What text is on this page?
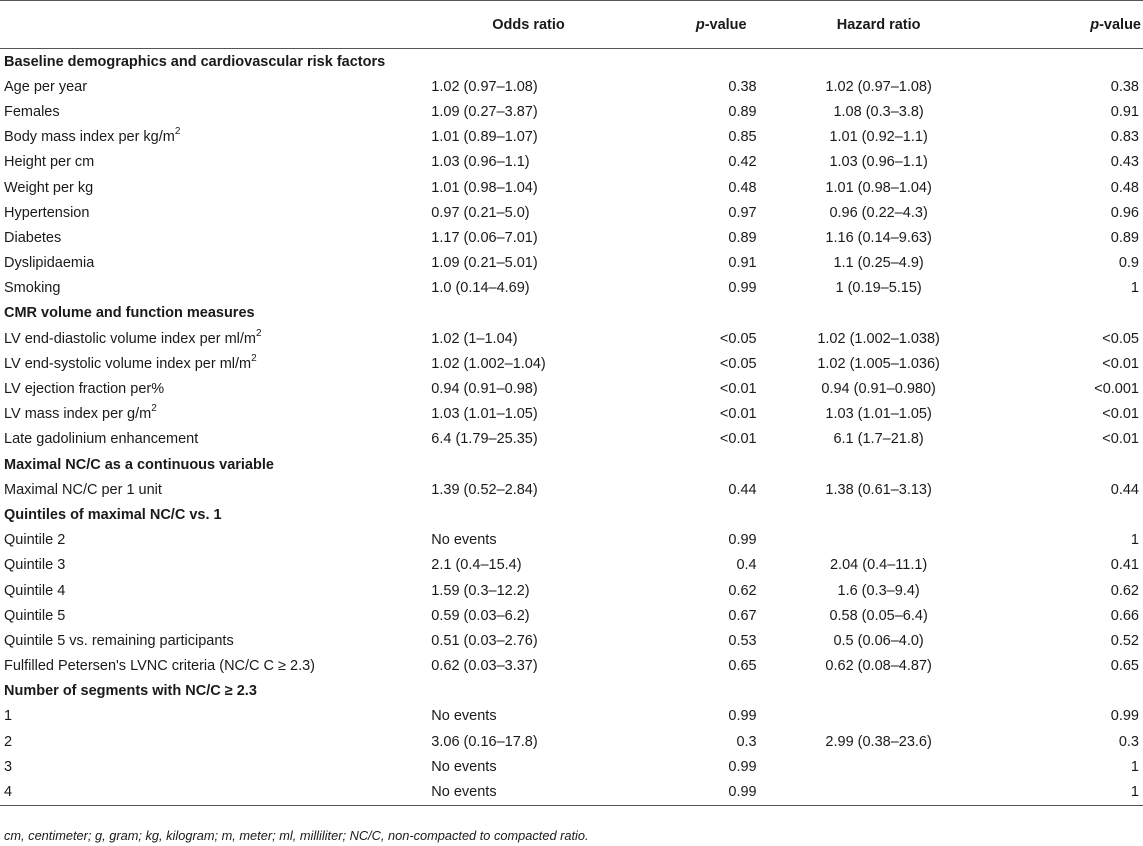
	Odds ratio	p-value	Hazard ratio	p-value
Baseline demographics and cardiovascular risk factors				
Age per year	1.02 (0.97–1.08)	0.38	1.02 (0.97–1.08)	0.38
Females	1.09 (0.27–3.87)	0.89	1.08 (0.3–3.8)	0.91
Body mass index per $kg/m^2$	1.01 (0.89–1.07)	0.85	1.01 (0.92–1.1)	0.83
Height per cm	1.03 (0.96–1.1)	0.42	1.03 (0.96–1.1)	0.43
Weight per kg	1.01 (0.98–1.04)	0.48	1.01 (0.98–1.04)	0.48
Hypertension	0.97 (0.21–5.0)	0.97	0.96 (0.22–4.3)	0.96
Diabetes	1.17 (0.06–7.01)	0.89	1.16 (0.14–9.63)	0.89
Dyslipidaemia	1.09 (0.21–5.01)	0.91	1.1 (0.25–4.9)	0.9
Smoking	1.0 (0.14–4.69)	0.99	1 (0.19–5.15)	1
CMR volume and function measures				
LV end-diastolic volume index per $ml/m^2$	1.02 (1–1.04)	<0.05	1.02 (1.002–1.038)	<0.05
LV end-systolic volume index per $ml/m^2$	1.02 (1.002–1.04)	<0.05	1.02 (1.005–1.036)	<0.01
LV ejection fraction per%	0.94 (0.91–0.98)	<0.01	0.94 (0.91–0.980)	<0.001
LV mass index per $g/m^2$	1.03 (1.01–1.05)	<0.01	1.03 (1.01–1.05)	<0.01
Late gadolinium enhancement	6.4 (1.79–25.35)	<0.01	6.1 (1.7–21.8)	<0.01
Maximal NC/C as a continuous variable				
Maximal NC/C per 1 unit	1.39 (0.52–2.84)	0.44	1.38 (0.61–3.13)	0.44
Quintiles of maximal NC/C vs. 1				
Quintile 2	No events	0.99		1
Quintile 3	2.1 (0.4–15.4)	0.4	2.04 (0.4–11.1)	0.41
Quintile 4	1.59 (0.3–12.2)	0.62	1.6 (0.3–9.4)	0.62
Quintile 5	0.59 (0.03–6.2)	0.67	0.58 (0.05–6.4)	0.66
Quintile 5 vs. remaining participants	0.51 (0.03–2.76)	0.53	0.5 (0.06–4.0)	0.52
Fulfilled Petersen's LVNC criteria (NC/C C ≥ 2.3)	0.62 (0.03–3.37)	0.65	0.62 (0.08–4.87)	0.65
Number of segments with NC/C ≥ 2.3				
1	No events	0.99		0.99
2	3.06 (0.16–17.8)	0.3	2.99 (0.38–23.6)	0.3
3	No events	0.99		1
4	No events	0.99		1
cm, centimeter; g, gram; kg, kilogram; m, meter; ml, milliliter; NC/C, non-compacted to compacted ratio.
